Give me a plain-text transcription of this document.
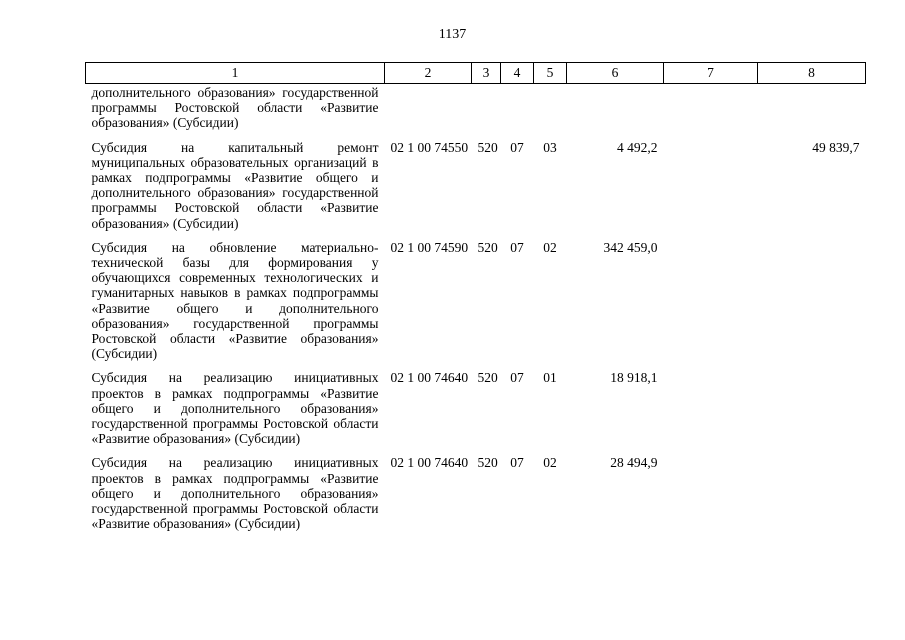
1137
1	2	3	4	5	6	7	8
дополнительного образования» государственной программы Ростовской области «Развитие образования» (Субсидии)							
Субсидия на капитальный ремонт муниципальных образовательных организаций в рамках подпрограммы «Развитие общего и дополнительного образования» государственной программы Ростовской области «Развитие образования» (Субсидии)	02 1 00 74550	520	07	03	4 492,2		49 839,7
Субсидия на обновление материально-технической базы для формирования у обучающихся современных технологических и гуманитарных навыков в рамках подпрограммы «Развитие общего и дополнительного образования» государственной программы Ростовской области «Развитие образования» (Субсидии)	02 1 00 74590	520	07	02	342 459,0		
Субсидия на реализацию инициативных проектов в рамках подпрограммы «Развитие общего и дополнительного образования» государственной программы Ростовской области «Развитие образования» (Субсидии)	02 1 00 74640	520	07	01	18 918,1		
Субсидия на реализацию инициативных проектов в рамках подпрограммы «Развитие общего и дополнительного образования» государственной программы Ростовской области «Развитие образования» (Субсидии)	02 1 00 74640	520	07	02	28 494,9		
